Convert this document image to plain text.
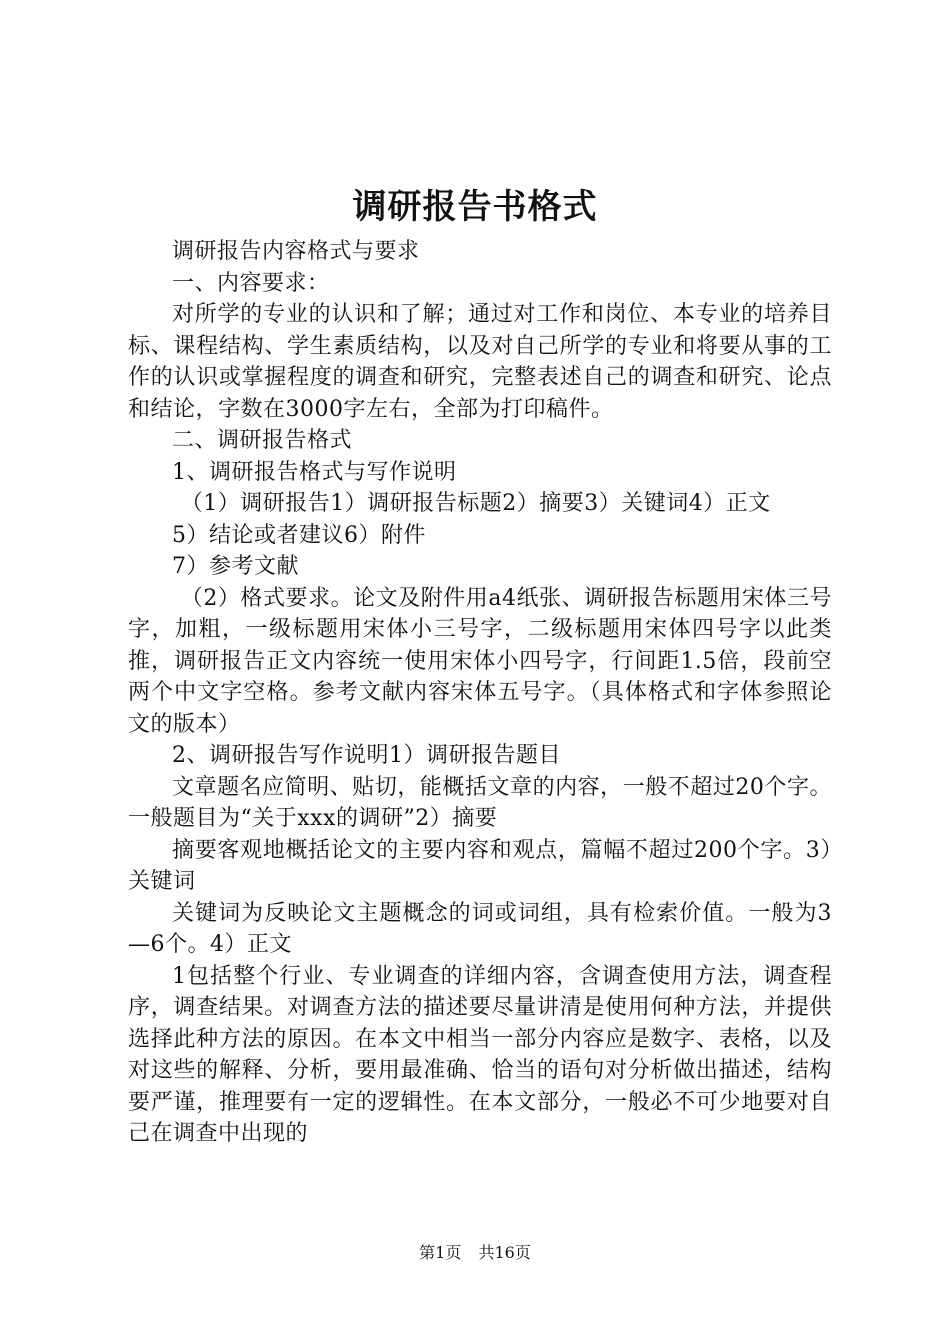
调研报告书格式

调研报告内容格式与要求

一、内容要求：

对所学的专业的认识和了解；通过对工作和岗位、本专业的培养目标、课程结构、学生素质结构，以及对自己所学的专业和将要从事的工作的认识或掌握程度的调查和研究，完整表述自己的调查和研究、论点和结论，字数在3000字左右，全部为打印稿件。

二、调研报告格式

1、调研报告格式与写作说明

（1）调研报告1）调研报告标题2）摘要3）关键词4）正文

5）结论或者建议6）附件

7）参考文献

（2）格式要求。论文及附件用a4纸张、调研报告标题用宋体三号字，加粗，一级标题用宋体小三号字，二级标题用宋体四号字以此类推，调研报告正文内容统一使用宋体小四号字，行间距1.5倍，段前空两个中文字空格。参考文献内容宋体五号字。（具体格式和字体参照论文的版本）

2、调研报告写作说明1）调研报告题目

文章题名应简明、贴切，能概括文章的内容，一般不超过20个字。一般题目为“关于xxx的调研”2）摘要

摘要客观地概括论文的主要内容和观点，篇幅不超过200个字。3）关键词

关键词为反映论文主题概念的词或词组，具有检索价值。一般为3—6个。4）正文

1包括整个行业、专业调查的详细内容，含调查使用方法，调查程序，调查结果。对调查方法的描述要尽量讲清是使用何种方法，并提供选择此种方法的原因。在本文中相当一部分内容应是数字、表格，以及对这些的解释、分析，要用最准确、恰当的语句对分析做出描述，结构要严谨，推理要有一定的逻辑性。在本文部分，一般必不可少地要对自己在调查中出现的

第1页 共16页
